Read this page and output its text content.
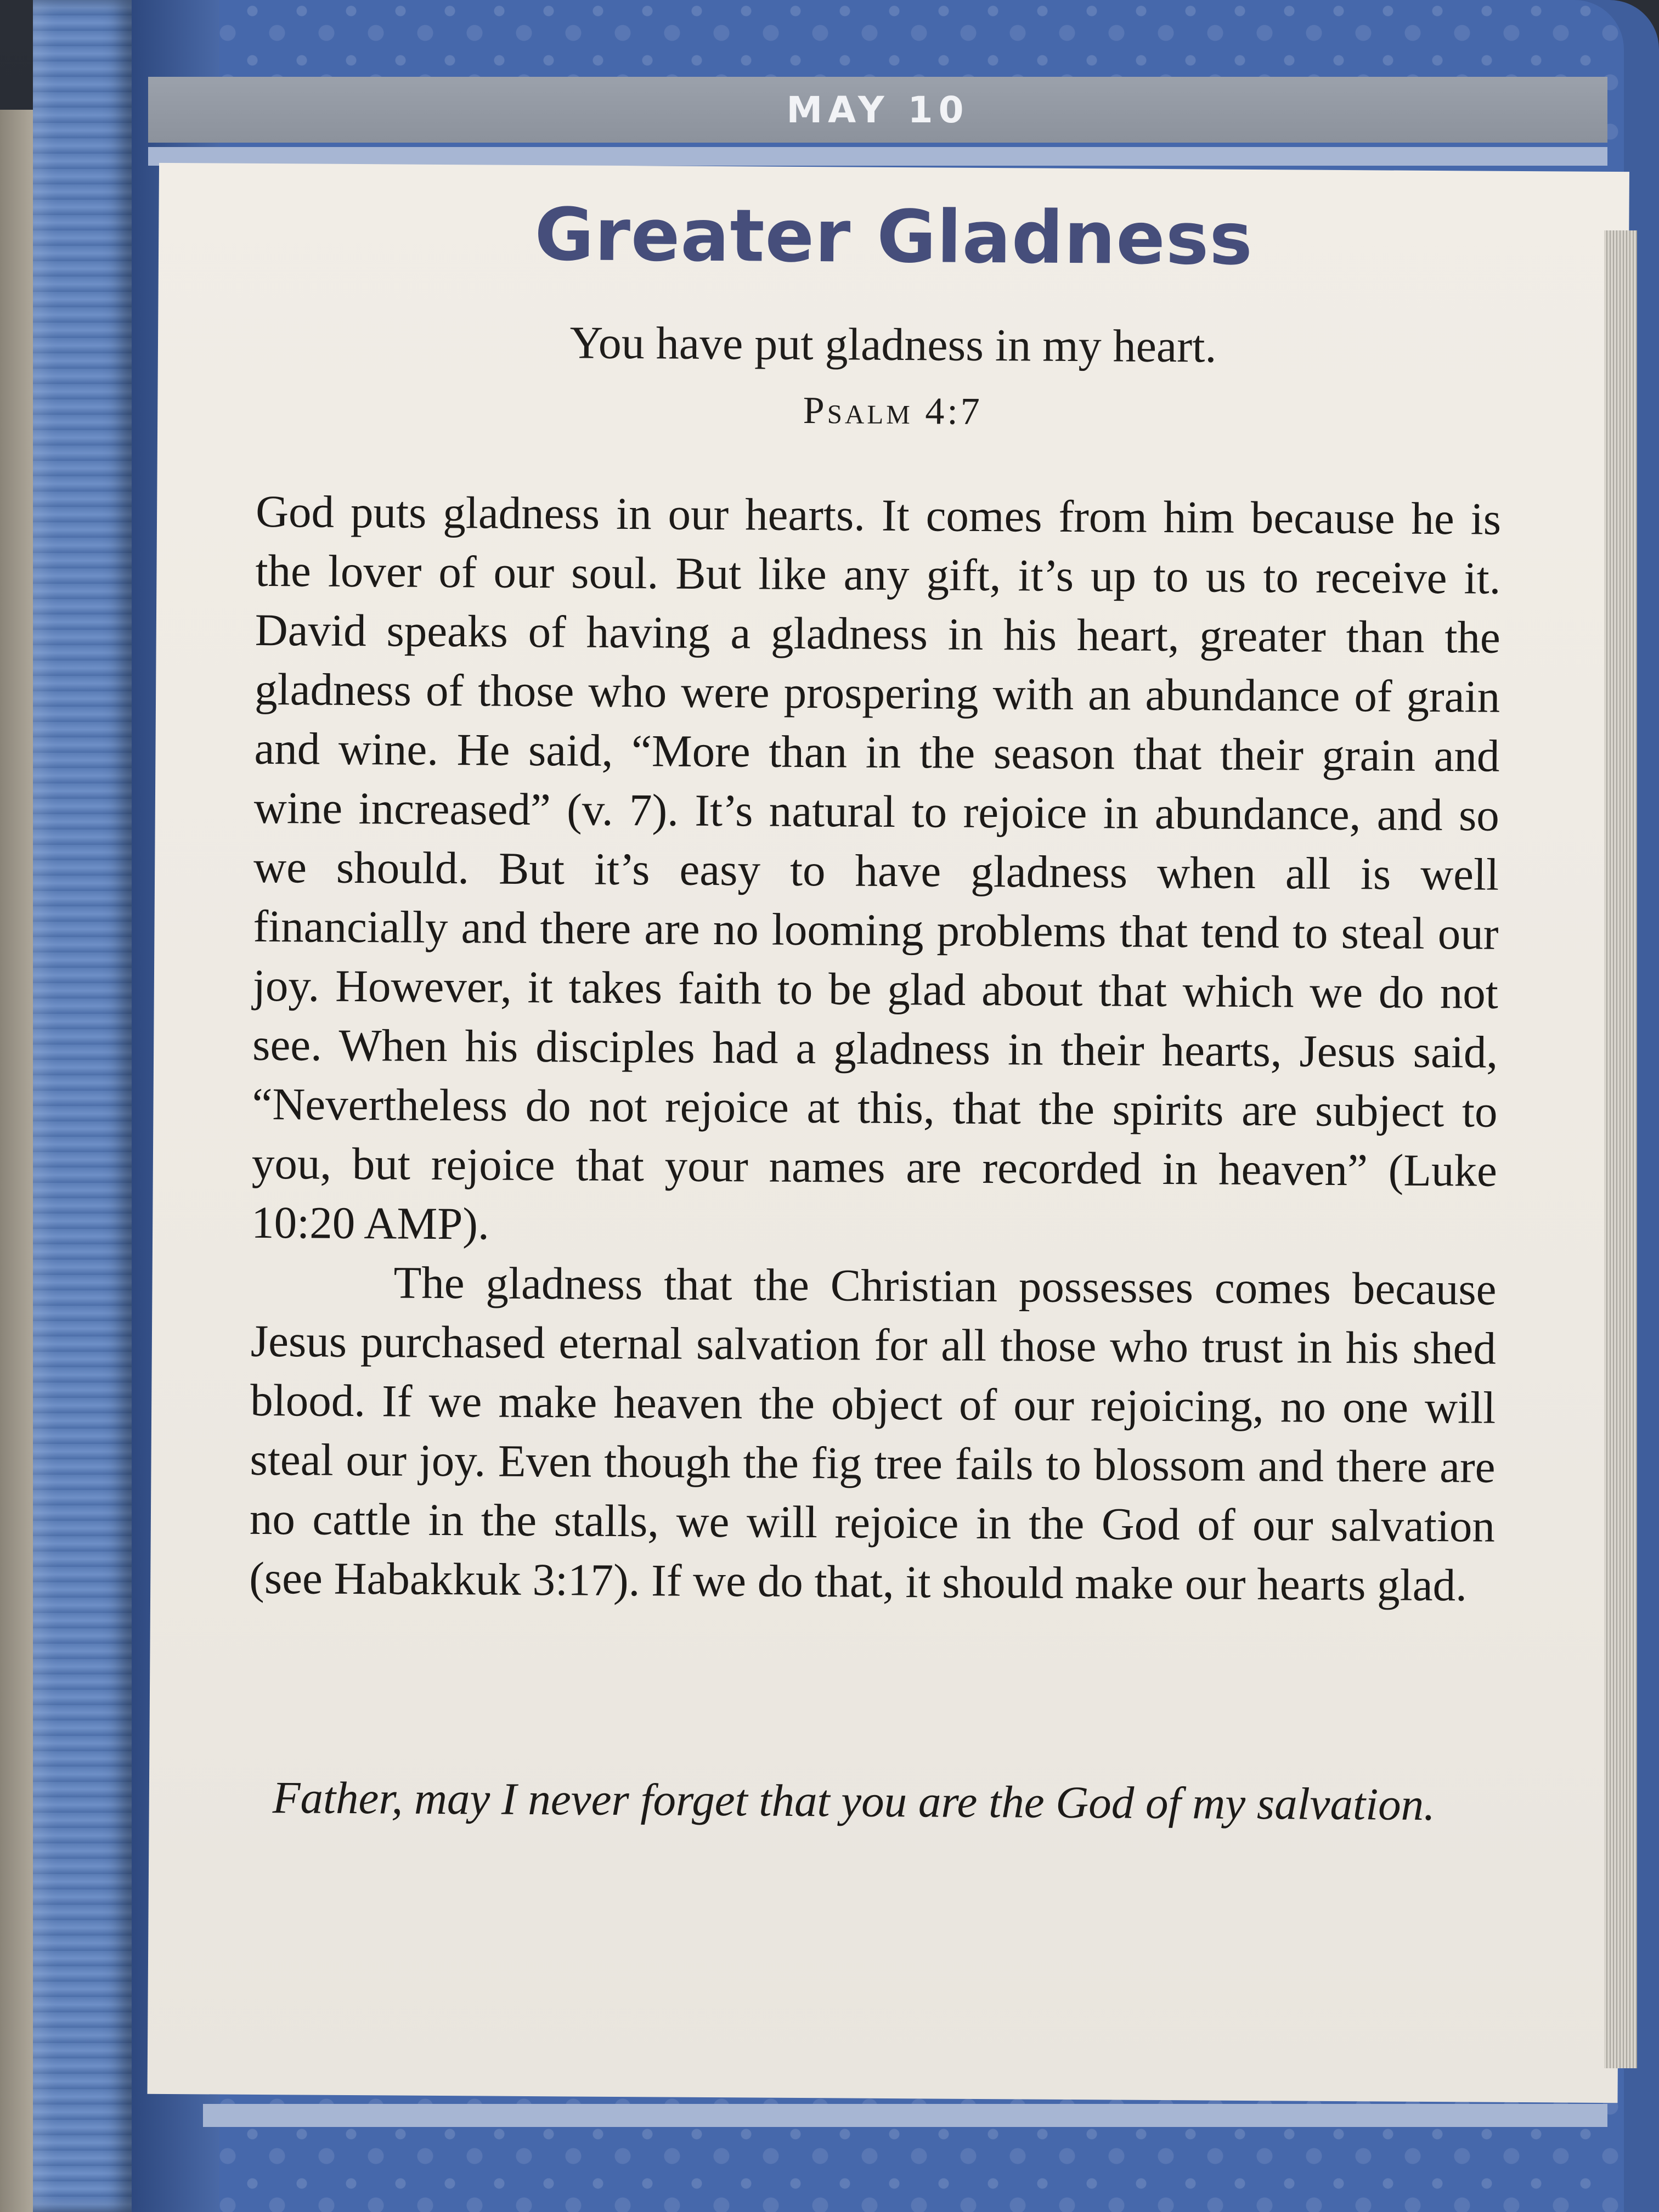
MAY 10
Greater Gladness
You have put gladness in my heart.
Psalm 4:7

God puts gladness in our hearts. It comes from him because he is the lover of our soul. But like any gift, it’s up to us to receive it. David speaks of having a gladness in his heart, greater than the gladness of those who were prospering with an abundance of grain and wine. He said, “More than in the season that their grain and wine increased” (v. 7). It’s natural to rejoice in abundance, and so we should. But it’s easy to have gladness when all is well financially and there are no looming problems that tend to steal our joy. However, it takes faith to be glad about that which we do not see. When his disciples had a gladness in their hearts, Jesus said, “Nevertheless do not rejoice at this, that the spirits are subject to you, but rejoice that your names are recorded in heaven” (Luke 10:20 AMP).

The gladness that the Christian possesses comes because Jesus purchased eternal salvation for all those who trust in his shed blood. If we make heaven the object of our rejoicing, no one will steal our joy. Even though the fig tree fails to blossom and there are no cattle in the stalls, we will rejoice in the God of our salvation (see Habakkuk 3:17). If we do that, it should make our hearts glad.

Father, may I never forget that you are the God of my salvation.
